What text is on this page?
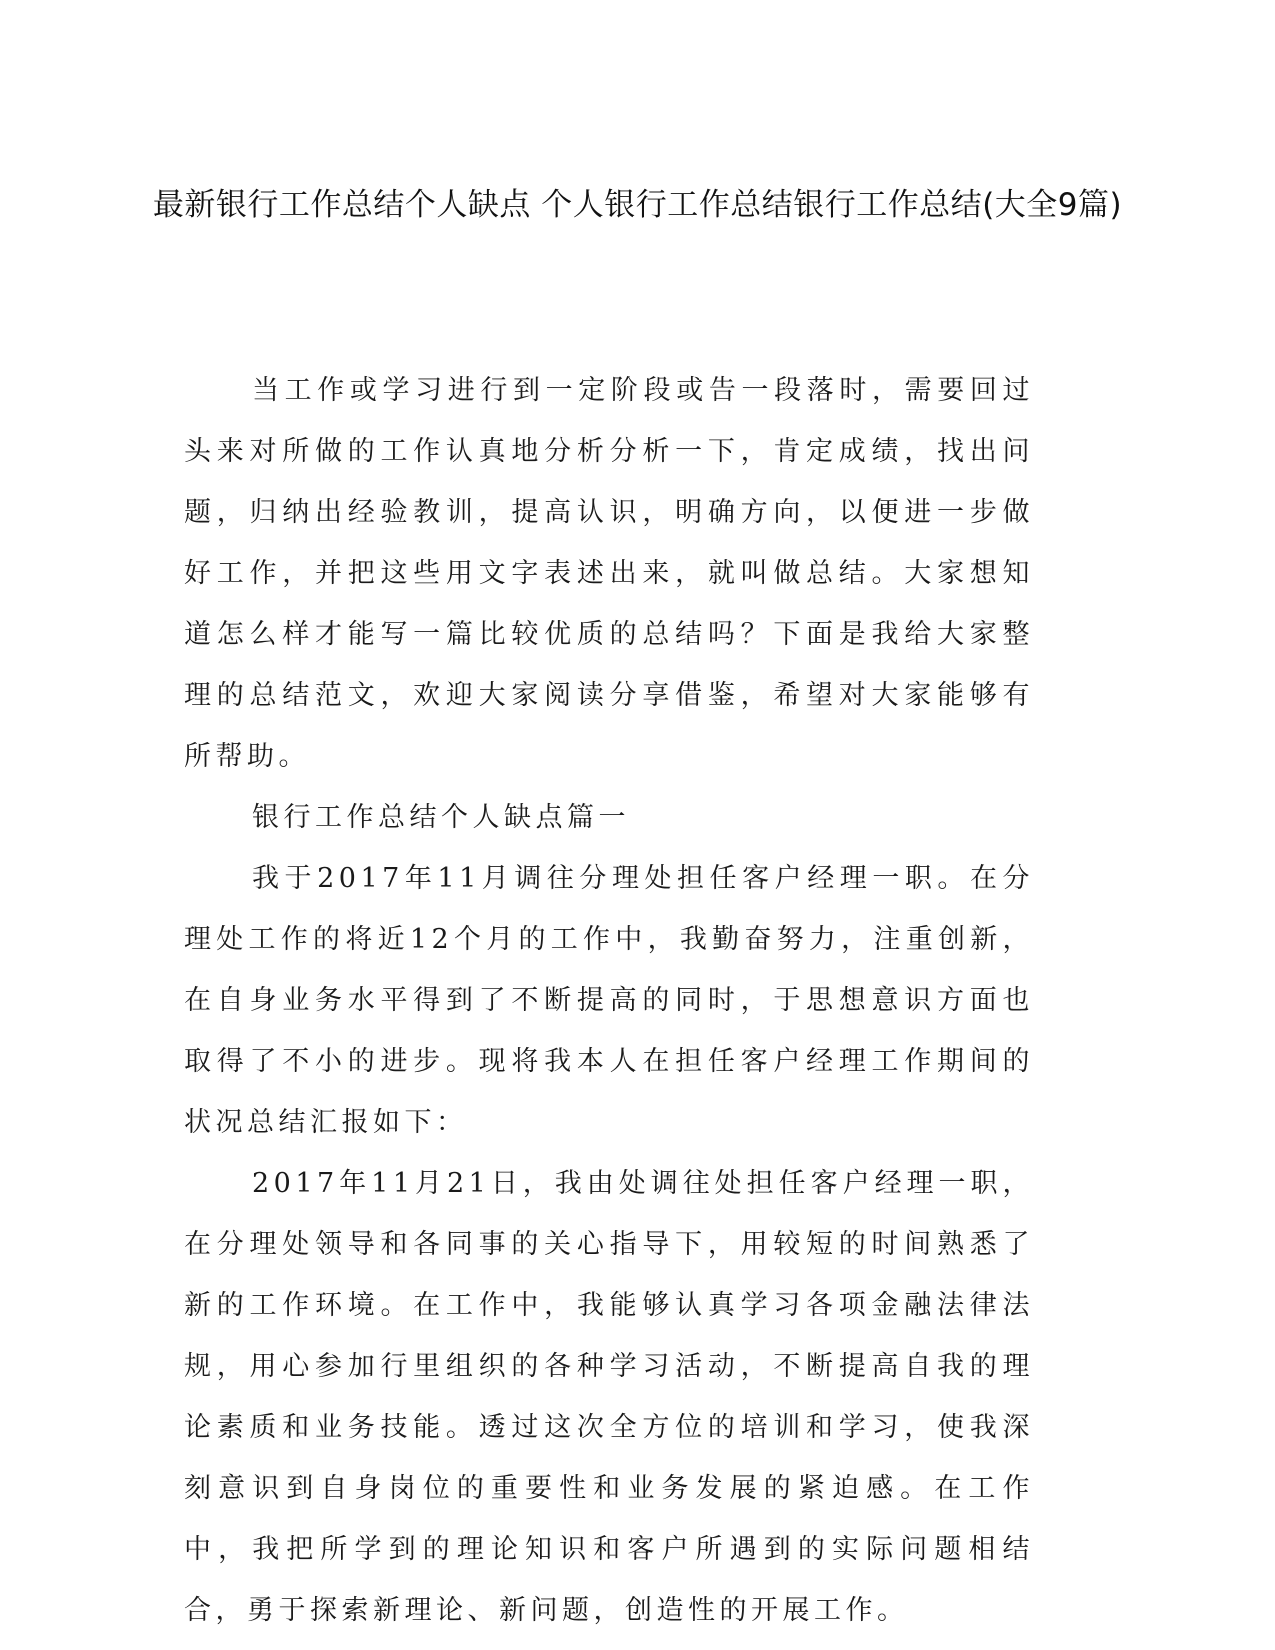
最新银行工作总结个人缺点 个人银行工作总结银行工作总结(大全9篇)

当工作或学习进行到一定阶段或告一段落时，需要回过头来对所做的工作认真地分析分析一下，肯定成绩，找出问题，归纳出经验教训，提高认识，明确方向，以便进一步做好工作，并把这些用文字表述出来，就叫做总结。大家想知道怎么样才能写一篇比较优质的总结吗？下面是我给大家整理的总结范文，欢迎大家阅读分享借鉴，希望对大家能够有所帮助。

银行工作总结个人缺点篇一

我于2017年11月调往分理处担任客户经理一职。在分理处工作的将近12个月的工作中，我勤奋努力，注重创新，在自身业务水平得到了不断提高的同时，于思想意识方面也取得了不小的进步。现将我本人在担任客户经理工作期间的状况总结汇报如下：

2017年11月21日，我由处调往处担任客户经理一职，在分理处领导和各同事的关心指导下，用较短的时间熟悉了新的工作环境。在工作中，我能够认真学习各项金融法律法规，用心参加行里组织的各种学习活动，不断提高自我的理论素质和业务技能。透过这次全方位的培训和学习，使我深刻意识到自身岗位的重要性和业务发展的紧迫感。在工作中，我把所学到的理论知识和客户所遇到的实际问题相结合，勇于探索新理论、新问题，创造性的开展工作。
